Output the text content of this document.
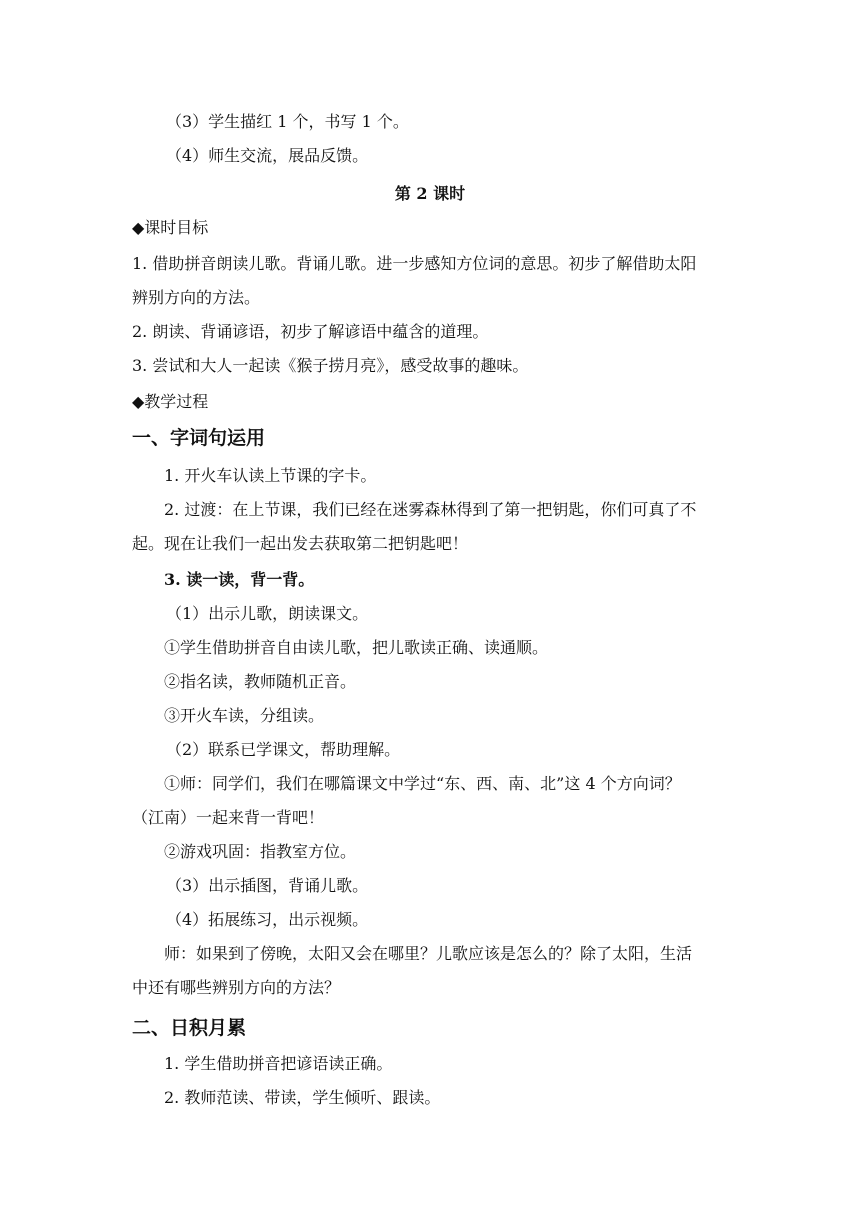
（3）学生描红 1 个，书写 1 个。
（4）师生交流，展品反馈。
第 2 课时
◆课时目标
1. 借助拼音朗读儿歌。背诵儿歌。进一步感知方位词的意思。初步了解借助太阳
辨别方向的方法。
2. 朗读、背诵谚语，初步了解谚语中蕴含的道理。
3. 尝试和大人一起读《猴子捞月亮》，感受故事的趣味。
◆教学过程
一、字词句运用
1. 开火车认读上节课的字卡。
2. 过渡：在上节课，我们已经在迷雾森林得到了第一把钥匙，你们可真了不
起。现在让我们一起出发去获取第二把钥匙吧！
3. 读一读，背一背。
（1）出示儿歌，朗读课文。
①学生借助拼音自由读儿歌，把儿歌读正确、读通顺。
②指名读，教师随机正音。
③开火车读，分组读。
（2）联系已学课文，帮助理解。
①师：同学们，我们在哪篇课文中学过“东、西、南、北”这 4 个方向词？
（江南）一起来背一背吧！
②游戏巩固：指教室方位。
（3）出示插图，背诵儿歌。
（4）拓展练习，出示视频。
师：如果到了傍晚，太阳又会在哪里？儿歌应该是怎么的？除了太阳，生活
中还有哪些辨别方向的方法？
二、日积月累
1. 学生借助拼音把谚语读正确。
2. 教师范读、带读，学生倾听、跟读。
